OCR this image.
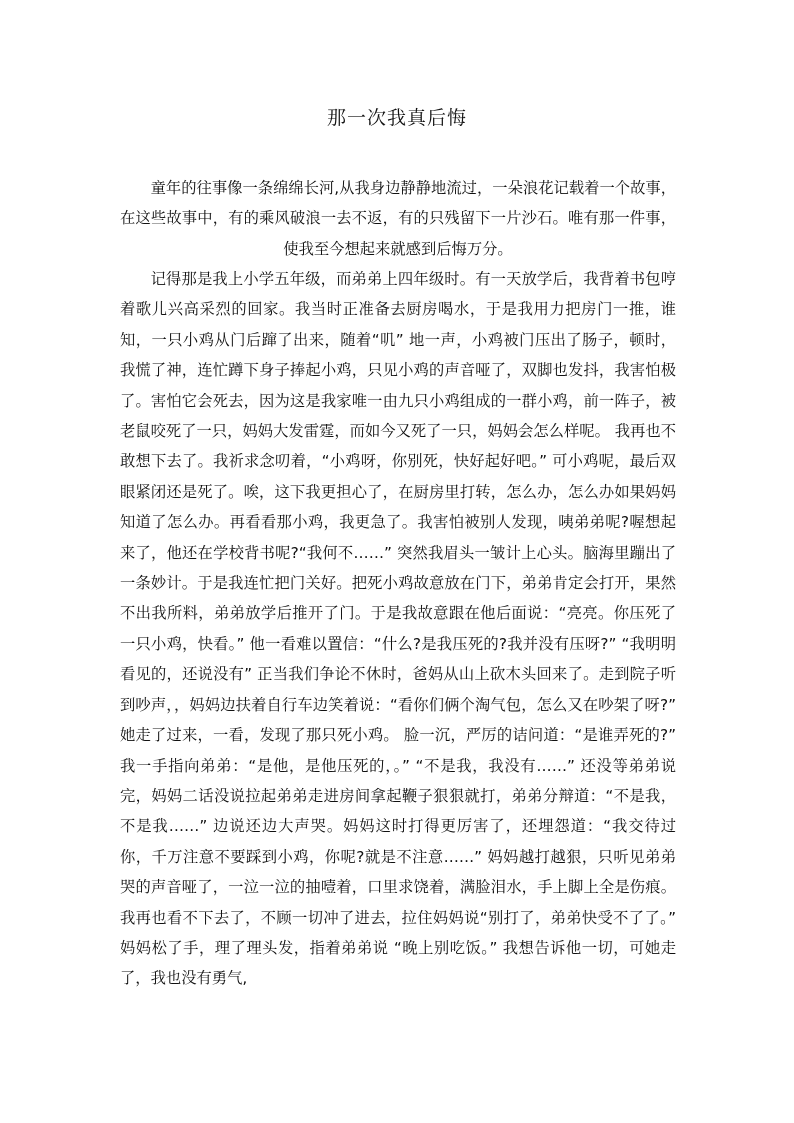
那一次我真后悔

童年的往事像一条绵绵长河,从我身边静静地流过，一朵浪花记载着一个故事，在这些故事中，有的乘风破浪一去不返，有的只残留下一片沙石。唯有那一件事，使我至今想起来就感到后悔万分。

记得那是我上小学五年级，而弟弟上四年级时。有一天放学后，我背着书包哼着歌儿兴高采烈的回家。我当时正准备去厨房喝水，于是我用力把房门一推，谁知，一只小鸡从门后蹿了出来，随着“叽” 地一声，小鸡被门压出了肠子，顿时，我慌了神，连忙蹲下身子捧起小鸡，只见小鸡的声音哑了，双脚也发抖，我害怕极了。害怕它会死去，因为这是我家唯一由九只小鸡组成的一群小鸡，前一阵子，被老鼠咬死了一只，妈妈大发雷霆，而如今又死了一只，妈妈会怎么样呢。 我再也不敢想下去了。我祈求念叨着，“小鸡呀，你别死，快好起好吧。” 可小鸡呢，最后双眼紧闭还是死了。唉，这下我更担心了，在厨房里打转，怎么办，怎么办如果妈妈知道了怎么办。再看看那小鸡，我更急了。我害怕被别人发现，咦弟弟呢?喔想起来了，他还在学校背书呢?“我何不……” 突然我眉头一皱计上心头。脑海里蹦出了一条妙计。于是我连忙把门关好。把死小鸡故意放在门下，弟弟肯定会打开，果然不出我所料，弟弟放学后推开了门。于是我故意跟在他后面说：“亮亮。你压死了一只小鸡，快看。” 他一看难以置信：“什么?是我压死的?我并没有压呀?” “我明明看见的，还说没有” 正当我们争论不休时，爸妈从山上砍木头回来了。走到院子听到吵声，，妈妈边扶着自行车边笑着说：“看你们俩个淘气包，怎么又在吵架了呀?” 她走了过来，一看，发现了那只死小鸡。 脸一沉，严厉的诘问道：“是谁弄死的?” 我一手指向弟弟：“是他，是他压死的，。” “不是我，我没有……” 还没等弟弟说完，妈妈二话没说拉起弟弟走进房间拿起鞭子狠狠就打，弟弟分辩道：“不是我，不是我……” 边说还边大声哭。妈妈这时打得更厉害了，还埋怨道：“我交待过你，千万注意不要踩到小鸡，你呢?就是不注意……” 妈妈越打越狠，只听见弟弟哭的声音哑了，一泣一泣的抽噎着，口里求饶着，满脸泪水，手上脚上全是伤痕。我再也看不下去了，不顾一切冲了进去，拉住妈妈说“别打了，弟弟快受不了了。” 妈妈松了手，理了理头发，指着弟弟说 “晚上别吃饭。” 我想告诉他一切，可她走了，我也没有勇气,
